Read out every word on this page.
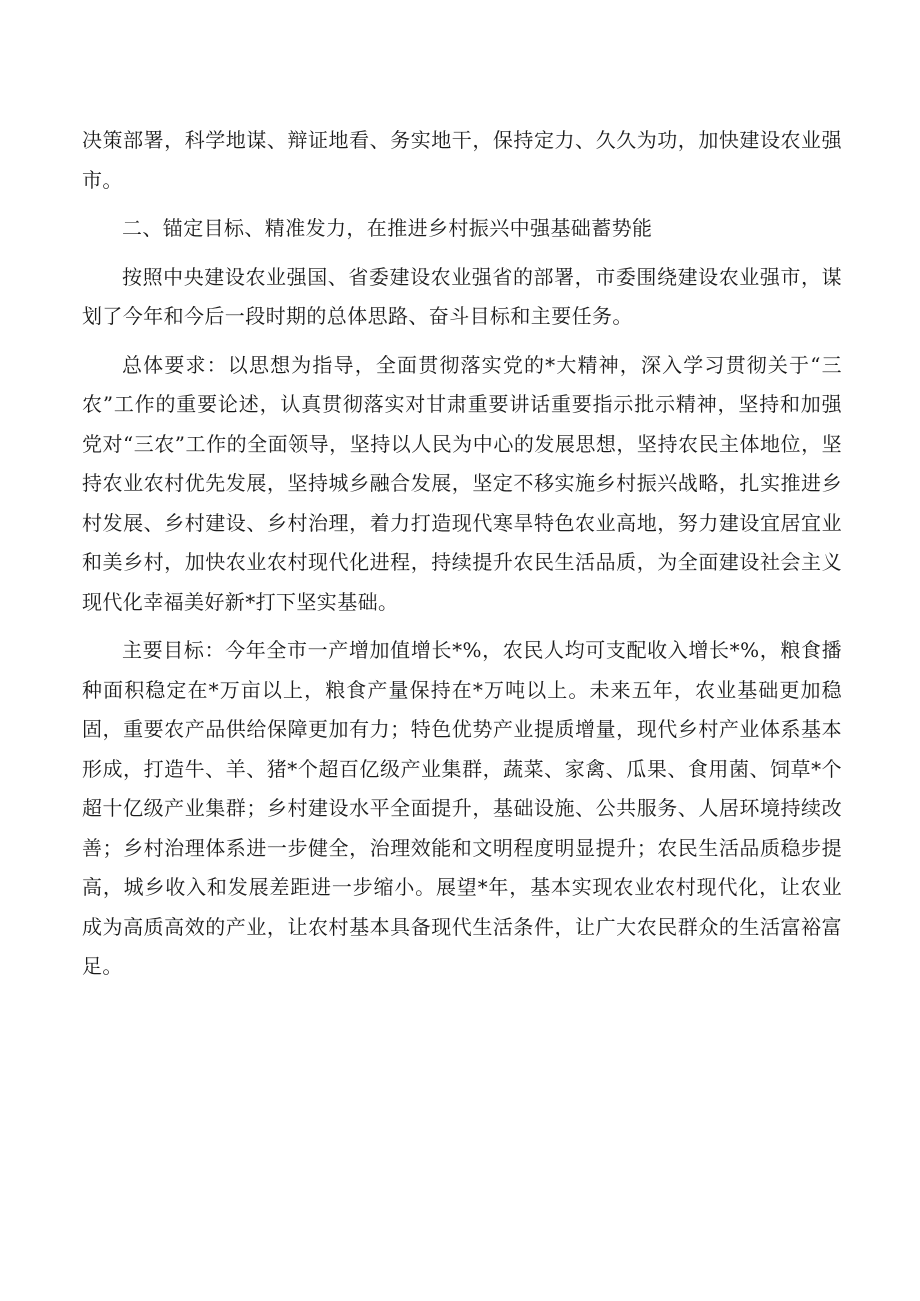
决策部署，科学地谋、辩证地看、务实地干，保持定力、久久为功，加快建设农业强市。

二、锚定目标、精准发力，在推进乡村振兴中强基础蓄势能

按照中央建设农业强国、省委建设农业强省的部署，市委围绕建设农业强市，谋划了今年和今后一段时期的总体思路、奋斗目标和主要任务。

总体要求：以思想为指导，全面贯彻落实党的*大精神，深入学习贯彻关于“三农”工作的重要论述，认真贯彻落实对甘肃重要讲话重要指示批示精神，坚持和加强党对“三农”工作的全面领导，坚持以人民为中心的发展思想，坚持农民主体地位，坚持农业农村优先发展，坚持城乡融合发展，坚定不移实施乡村振兴战略，扎实推进乡村发展、乡村建设、乡村治理，着力打造现代寒旱特色农业高地，努力建设宜居宜业和美乡村，加快农业农村现代化进程，持续提升农民生活品质，为全面建设社会主义现代化幸福美好新*打下坚实基础。

主要目标：今年全市一产增加值增长*%，农民人均可支配收入增长*%，粮食播种面积稳定在*万亩以上，粮食产量保持在*万吨以上。未来五年，农业基础更加稳固，重要农产品供给保障更加有力；特色优势产业提质增量，现代乡村产业体系基本形成，打造牛、羊、猪*个超百亿级产业集群，蔬菜、家禽、瓜果、食用菌、饲草*个超十亿级产业集群；乡村建设水平全面提升，基础设施、公共服务、人居环境持续改善；乡村治理体系进一步健全，治理效能和文明程度明显提升；农民生活品质稳步提高，城乡收入和发展差距进一步缩小。展望*年，基本实现农业农村现代化，让农业成为高质高效的产业，让农村基本具备现代生活条件，让广大农民群众的生活富裕富足。
